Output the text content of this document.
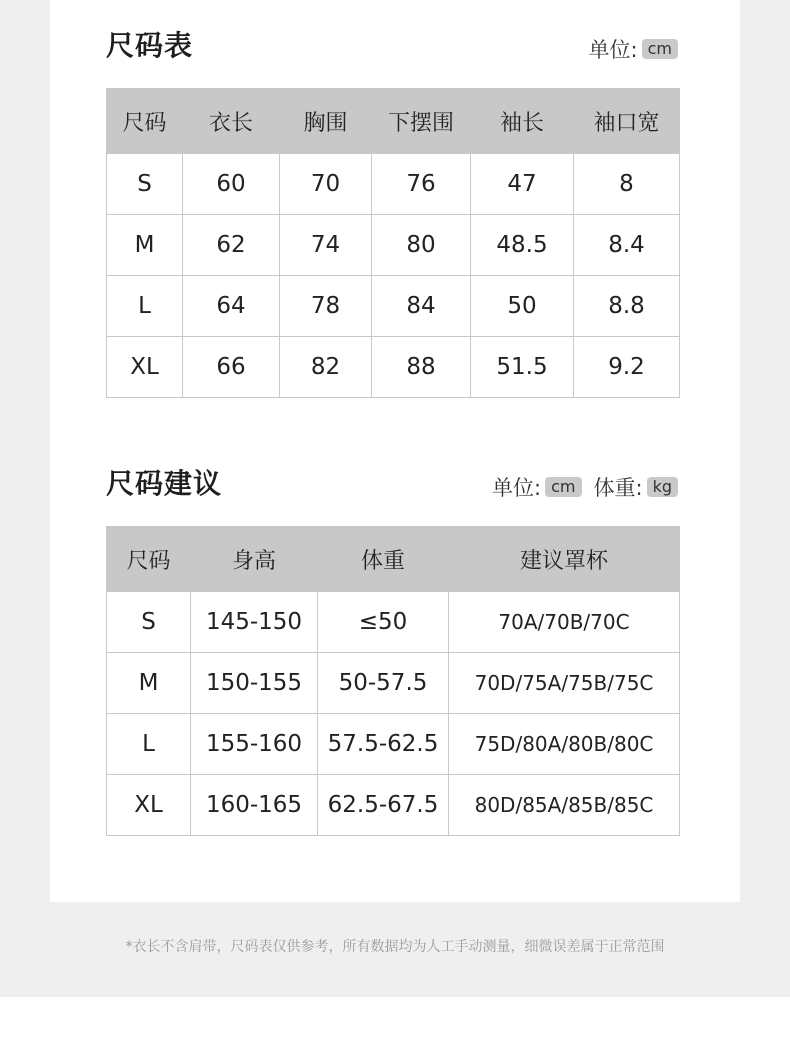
尺码表	单位: cm
尺码	衣长	胸围	下摆围	袖长	袖口宽
S	60	70	76	47	8
M	62	74	80	48.5	8.4
L	64	78	84	50	8.8
XL	66	82	88	51.5	9.2
尺码建议	单位: cm 体重: kg
尺码	身高	体重	建议罩杯
S	145-150	≤50	70A/70B/70C
M	150-155	50-57.5	70D/75A/75B/75C
L	155-160	57.5-62.5	75D/80A/80B/80C
XL	160-165	62.5-67.5	80D/85A/85B/85C
*衣长不含肩带，尺码表仅供参考，所有数据均为人工手动测量，细微误差属于正常范围
